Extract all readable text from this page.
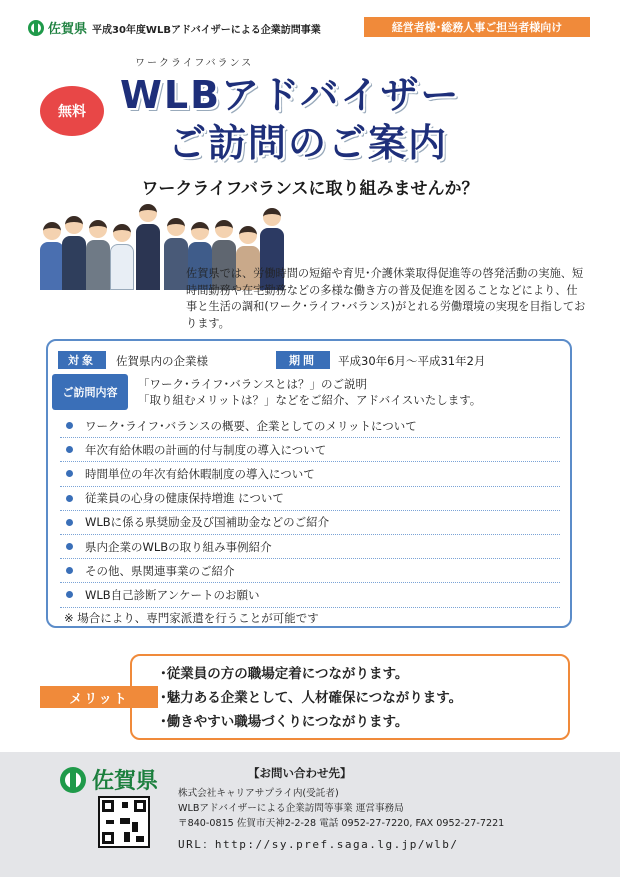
佐賀県 平成30年度WLBアドバイザーによる企業訪問事業	経営者様･総務人事ご担当者様向け
無料
ワークライフバランス
WLBアドバイザー
ご訪問のご案内
ワークライフバランスに取り組みませんか？
佐賀県では、労働時間の短縮や育児･介護休業取得促進等の啓発活動の実施、短時間勤務や在宅勤務などの多様な働き方の普及促進を図ることなどにより、仕事と生活の調和(ワーク･ライフ･バランス)がとれる労働環境の実現を目指しております。
対象	佐賀県内の企業様	期間	平成30年6月～平成31年2月
ご訪問内容
「ワーク･ライフ･バランスとは？」のご説明
「取り組むメリットは？」などをご紹介、アドバイスいたします。
ワーク･ライフ･バランスの概要、企業としてのメリットについて
年次有給休暇の計画的付与制度の導入について
時間単位の年次有給休暇制度の導入について
従業員の心身の健康保持増進 について
WLBに係る県奨励金及び国補助金などのご紹介
県内企業のWLBの取り組み事例紹介
その他、県関連事業のご紹介
WLB自己診断アンケートのお願い
※ 場合により、専門家派遣を行うことが可能です
メリット
･従業員の方の職場定着につながります。
･魅力ある企業として、人材確保につながります。
･働きやすい職場づくりにつながります。
佐賀県	【お問い合わせ先】
株式会社キャリアサプライ内(受託者)
WLBアドバイザーによる企業訪問等事業 運営事務局
〒840-0815 佐賀市天神2-2-28 電話 0952-27-7220, FAX 0952-27-7221
URL：http://sy.pref.saga.lg.jp/wlb/
